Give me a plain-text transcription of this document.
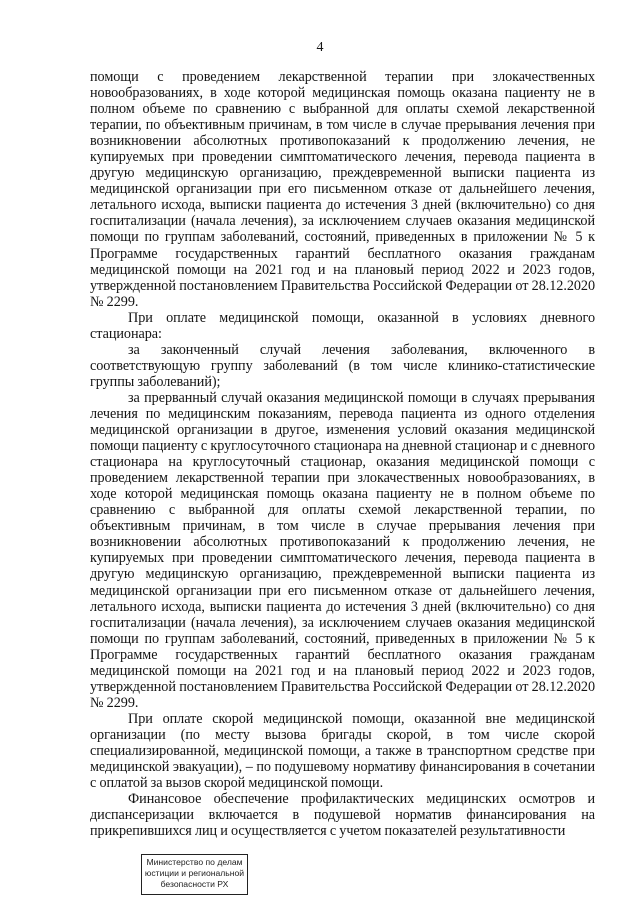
4

помощи с проведением лекарственной терапии при злокачественных новообразованиях, в ходе которой медицинская помощь оказана пациенту не в полном объеме по сравнению с выбранной для оплаты схемой лекарственной терапии, по объективным причинам, в том числе в случае прерывания лечения при возникновении абсолютных противопоказаний к продолжению лечения, не купируемых при проведении симптоматического лечения, перевода пациента в другую медицинскую организацию, преждевременной выписки пациента из медицинской организации при его письменном отказе от дальнейшего лечения, летального исхода, выписки пациента до истечения 3 дней (включительно) со дня госпитализации (начала лечения), за исключением случаев оказания медицинской помощи по группам заболеваний, состояний, приведенных в приложении № 5 к Программе государственных гарантий бесплатного оказания гражданам медицинской помощи на 2021 год и на плановый период 2022 и 2023 годов, утвержденной постановлением Правительства Российской Федерации от 28.12.2020 № 2299.

При оплате медицинской помощи, оказанной в условиях дневного стационара:

за законченный случай лечения заболевания, включенного в соответствующую группу заболеваний (в том числе клинико-статистические группы заболеваний);

за прерванный случай оказания медицинской помощи в случаях прерывания лечения по медицинским показаниям, перевода пациента из одного отделения медицинской организации в другое, изменения условий оказания медицинской помощи пациенту с круглосуточного стационара на дневной стационар и с дневного стационара на круглосуточный стационар, оказания медицинской помощи с проведением лекарственной терапии при злокачественных новообразованиях, в ходе которой медицинская помощь оказана пациенту не в полном объеме по сравнению с выбранной для оплаты схемой лекарственной терапии, по объективным причинам, в том числе в случае прерывания лечения при возникновении абсолютных противопоказаний к продолжению лечения, не купируемых при проведении симптоматического лечения, перевода пациента в другую медицинскую организацию, преждевременной выписки пациента из медицинской организации при его письменном отказе от дальнейшего лечения, летального исхода, выписки пациента до истечения 3 дней (включительно) со дня госпитализации (начала лечения), за исключением случаев оказания медицинской помощи по группам заболеваний, состояний, приведенных в приложении № 5 к Программе государственных гарантий бесплатного оказания гражданам медицинской помощи на 2021 год и на плановый период 2022 и 2023 годов, утвержденной постановлением Правительства Российской Федерации от 28.12.2020 № 2299.

При оплате скорой медицинской помощи, оказанной вне медицинской организации (по месту вызова бригады скорой, в том числе скорой специализированной, медицинской помощи, а также в транспортном средстве при медицинской эвакуации), – по подушевому нормативу финансирования в сочетании с оплатой за вызов скорой медицинской помощи.

Финансовое обеспечение профилактических медицинских осмотров и диспансеризации включается в подушевой норматив финансирования на прикрепившихся лиц и осуществляется с учетом показателей результативности

Министерство по делам
юстиции и региональной
безопасности РХ
